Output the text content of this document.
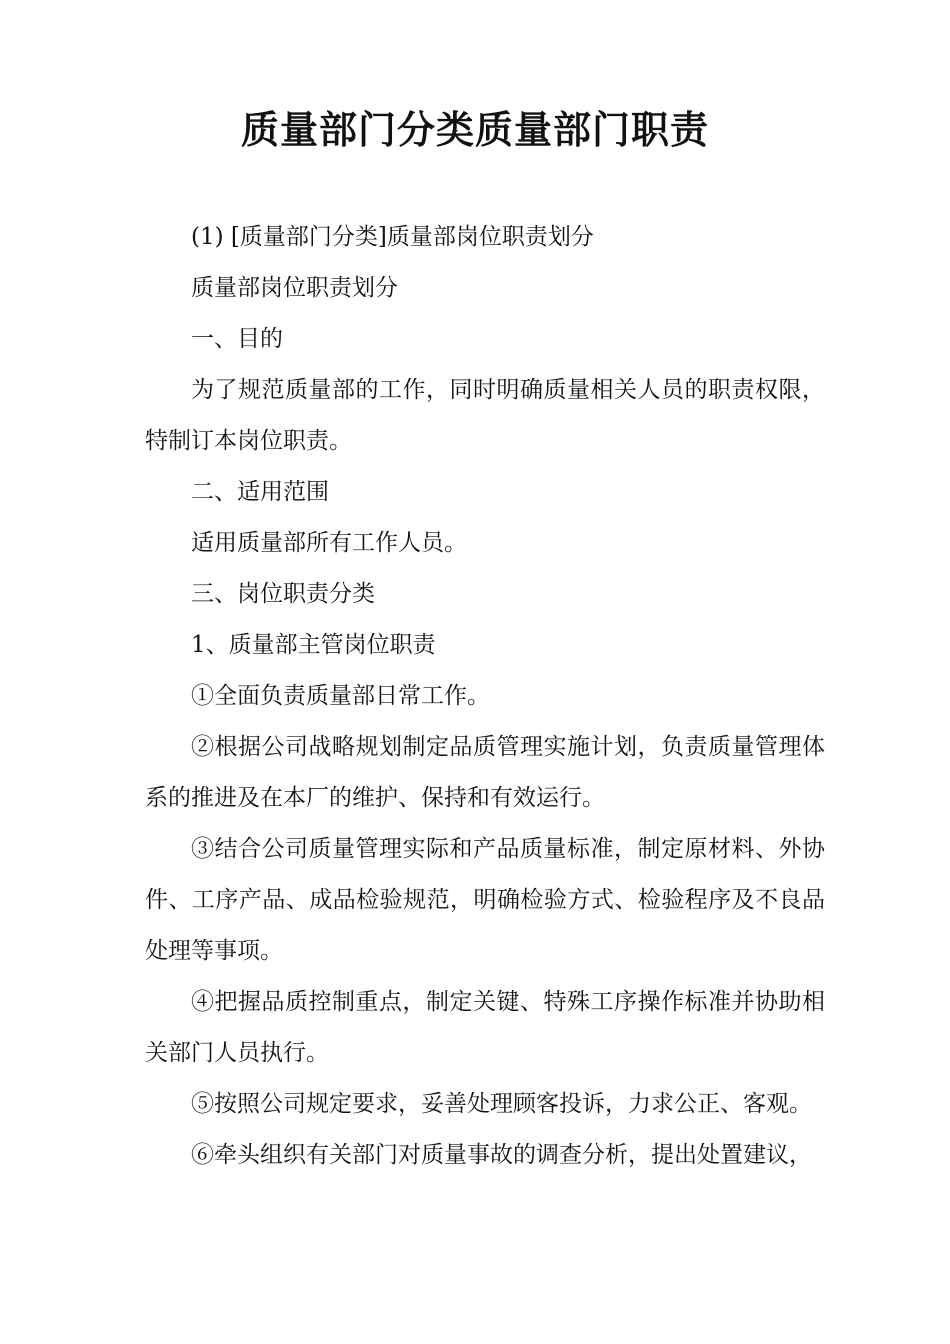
质量部门分类质量部门职责

(1) [质量部门分类]质量部岗位职责划分

质量部岗位职责划分

一、目的

为了规范质量部的工作，同时明确质量相关人员的职责权限，特制订本岗位职责。

二、适用范围

适用质量部所有工作人员。

三、岗位职责分类

1、质量部主管岗位职责

①全面负责质量部日常工作。

②根据公司战略规划制定品质管理实施计划，负责质量管理体系的推进及在本厂的维护、保持和有效运行。

③结合公司质量管理实际和产品质量标准，制定原材料、外协件、工序产品、成品检验规范，明确检验方式、检验程序及不良品处理等事项。

④把握品质控制重点，制定关键、特殊工序操作标准并协助相关部门人员执行。

⑤按照公司规定要求，妥善处理顾客投诉，力求公正、客观。

⑥牵头组织有关部门对质量事故的调查分析，提出处置建议，
